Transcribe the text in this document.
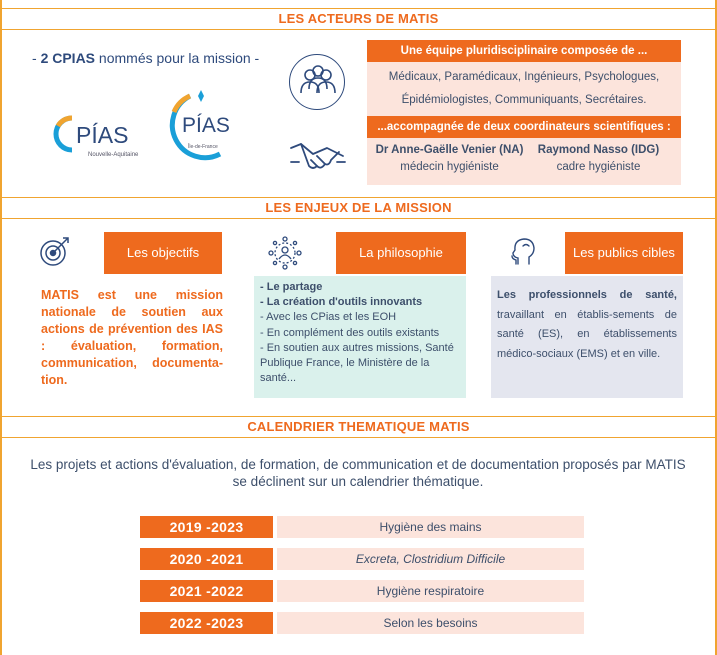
LES ACTEURS DE MATIS
- 2 CPIAS nommés pour la mission -
PÍAS
Nouvelle-Aquitaine
PÍAS
Île-de-France
Une équipe pluridisciplinaire composée de ...
Médicaux, Paramédicaux, Ingénieurs, Psychologues,
Épidémiologistes, Communiquants, Secrétaires.
...accompagnée de deux coordinateurs scientifiques :
Dr Anne-Gaëlle Venier (NA)
médecin hygiéniste
Raymond Nasso (IDG)
cadre hygiéniste
LES ENJEUX DE LA MISSION
Les objectifs
MATIS est une mission nationale de soutien aux actions de prévention des IAS : évaluation, formation, communication, documenta-tion.
La philosophie
- Le partage
- La création d'outils innovants
- Avec les CPias et les EOH
- En complément des outils existants
- En soutien aux autres missions, Santé Publique France, le Ministère de la santé...
Les publics cibles
Les professionnels de santé, travaillant en établis-sements de santé (ES), en établissements médico-sociaux (EMS) et en ville.
CALENDRIER THEMATIQUE MATIS
Les projets et actions d'évaluation, de formation, de communication et de documentation proposés par MATIS se déclinent sur un calendrier thématique.
2019 -2023	Hygiène des mains
2020 -2021	Excreta, Clostridium Difficile
2021 -2022	Hygiène respiratoire
2022 -2023	Selon les besoins
